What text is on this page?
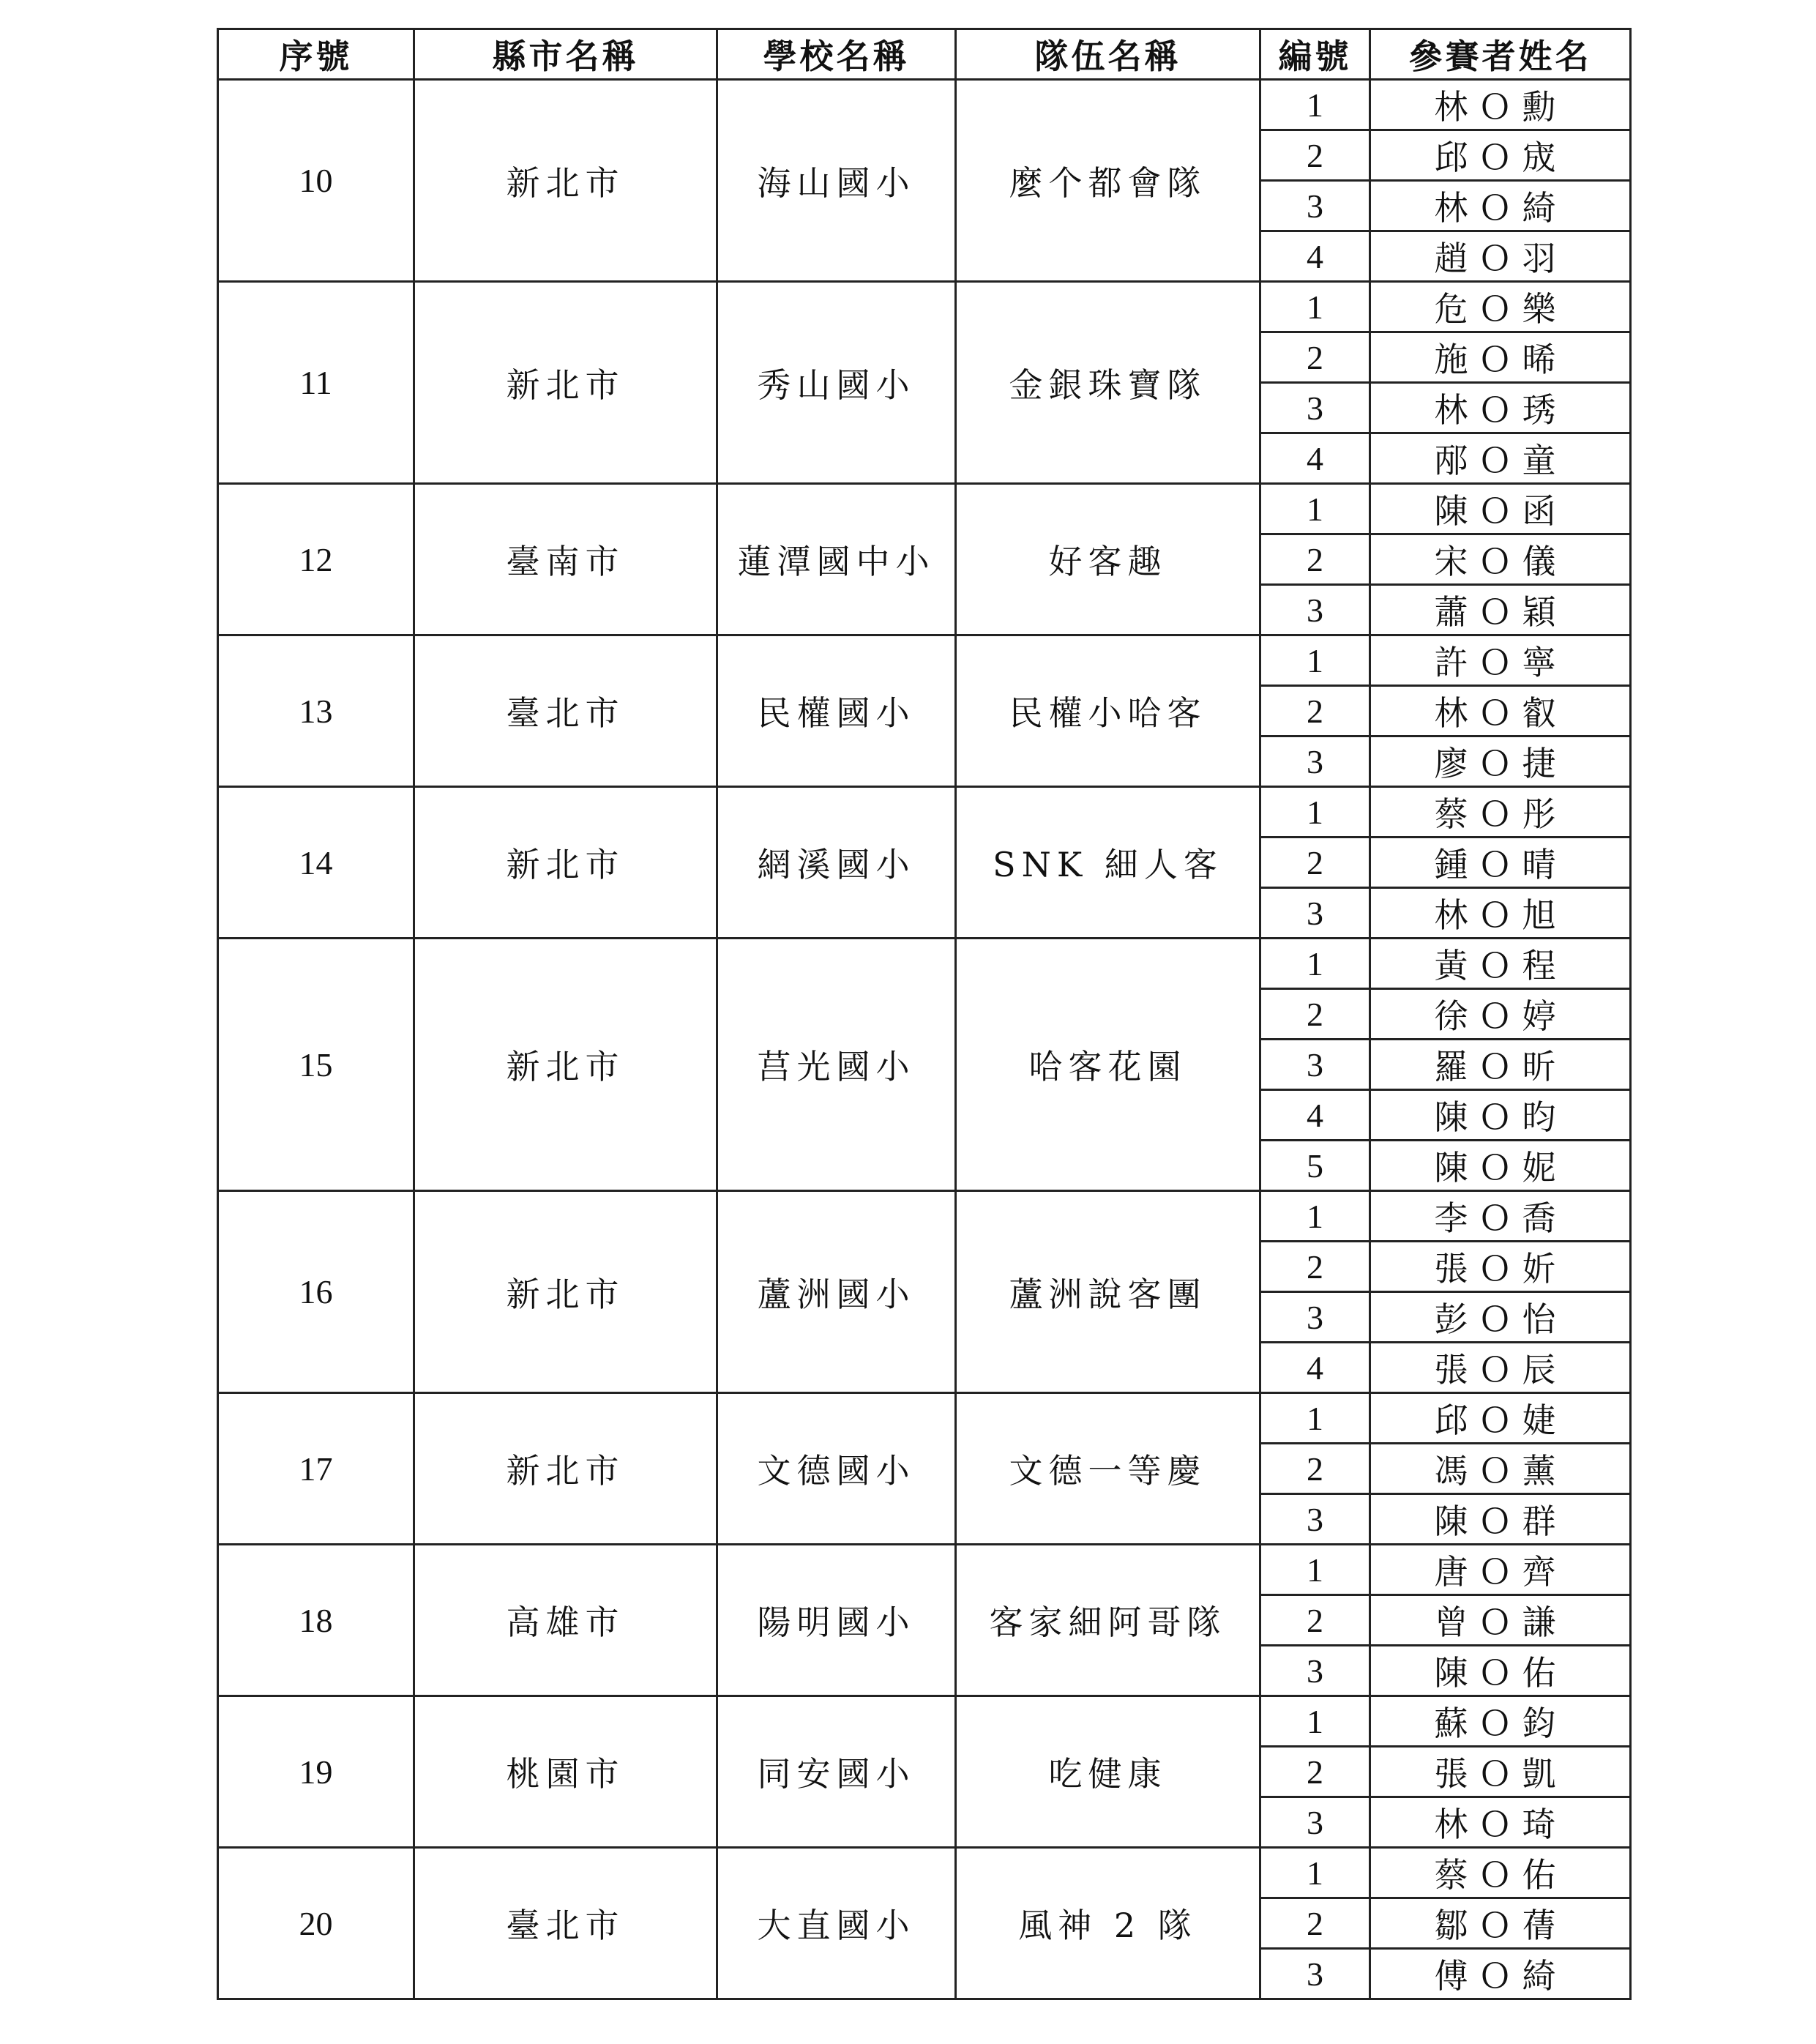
序號	縣市名稱	學校名稱	隊伍名稱	編號	參賽者姓名
10	新北市	海山國小	麼个都會隊	1	林Ｏ勳
				2	邱Ｏ宬
				3	林Ｏ綺
				4	趙Ｏ羽
11	新北市	秀山國小	金銀珠寶隊	1	危Ｏ樂
				2	施Ｏ晞
				3	林Ｏ琇
				4	邴Ｏ童
12	臺南市	蓮潭國中小	好客趣	1	陳Ｏ函
				2	宋Ｏ儀
				3	蕭Ｏ穎
13	臺北市	民權國小	民權小哈客	1	許Ｏ寧
				2	林Ｏ叡
				3	廖Ｏ捷
14	新北市	網溪國小	SNK 細人客	1	蔡Ｏ彤
				2	鍾Ｏ晴
				3	林Ｏ旭
15	新北市	莒光國小	哈客花園	1	黃Ｏ程
				2	徐Ｏ婷
				3	羅Ｏ昕
				4	陳Ｏ昀
				5	陳Ｏ妮
16	新北市	蘆洲國小	蘆洲說客團	1	李Ｏ喬
				2	張Ｏ妡
				3	彭Ｏ怡
				4	張Ｏ辰
17	新北市	文德國小	文德一等慶	1	邱Ｏ婕
				2	馮Ｏ薰
				3	陳Ｏ群
18	高雄市	陽明國小	客家細阿哥隊	1	唐Ｏ齊
				2	曾Ｏ謙
				3	陳Ｏ佑
19	桃園市	同安國小	吃健康	1	蘇Ｏ鈞
				2	張Ｏ凱
				3	林Ｏ琦
20	臺北市	大直國小	風神 2 隊	1	蔡Ｏ佑
				2	鄒Ｏ蒨
				3	傅Ｏ綺
